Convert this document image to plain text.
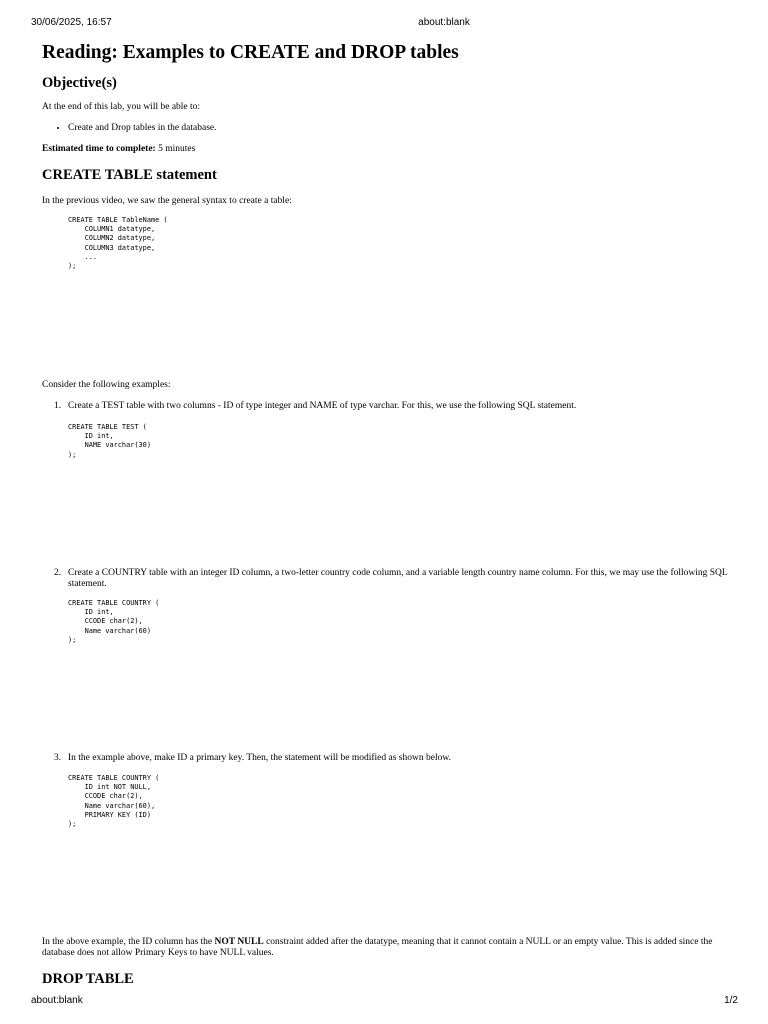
30/06/2025, 16:57	about:blank
Reading: Examples to CREATE and DROP tables
Objective(s)

At the end of this lab, you will be able to:

• Create and Drop tables in the database.

Estimated time to complete: 5 minutes

CREATE TABLE statement

In the previous video, we saw the general syntax to create a table:

CREATE TABLE TableName (
COLUMN1 datatype,
COLUMN2 datatype,
COLUMN3 datatype,
...
);

Consider the following examples:

1. Create a TEST table with two columns - ID of type integer and NAME of type varchar. For this, we use the following SQL statement.
CREATE TABLE TEST (
ID int,
NAME varchar(30)
);
2. Create a COUNTRY table with an integer ID column, a two-letter country code column, and a variable length country name column. For this, we may use the following SQL statement.
CREATE TABLE COUNTRY (
ID int,
CCODE char(2),
Name varchar(60)
);
3. In the example above, make ID a primary key. Then, the statement will be modified as shown below.
CREATE TABLE COUNTRY (
ID int NOT NULL,
CCODE char(2),
Name varchar(60),
PRIMARY KEY (ID)
);

In the above example, the ID column has the NOT NULL constraint added after the datatype, meaning that it cannot contain a NULL or an empty value. This is added since the database does not allow Primary Keys to have NULL values.

DROP TABLE
about:blank	1/2
